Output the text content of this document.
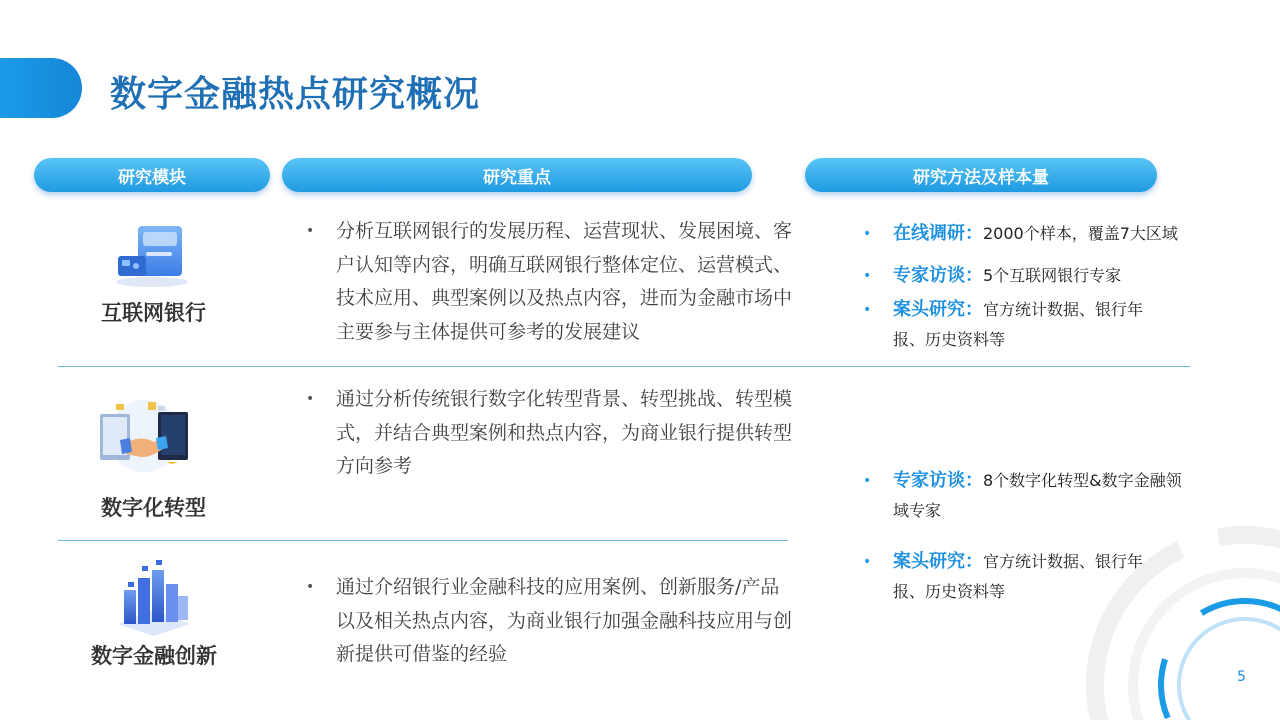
数字金融热点研究概况
研究模块	研究重点	研究方法及样本量
互联网银行
数字化转型
数字金融创新
• 分析互联网银行的发展历程、运营现状、发展困境、客户认知等内容，明确互联网银行整体定位、运营模式、技术应用、典型案例以及热点内容，进而为金融市场中主要参与主体提供可参考的发展建议
• 通过分析传统银行数字化转型背景、转型挑战、转型模式，并结合典型案例和热点内容，为商业银行提供转型方向参考
• 通过介绍银行业金融科技的应用案例、创新服务/产品以及相关热点内容，为商业银行加强金融科技应用与创新提供可借鉴的经验
• 在线调研：2000个样本，覆盖7大区域
• 专家访谈：5个互联网银行专家
• 案头研究：官方统计数据、银行年报、历史资料等
• 专家访谈：8个数字化转型&数字金融领域专家
• 案头研究：官方统计数据、银行年报、历史资料等
5
